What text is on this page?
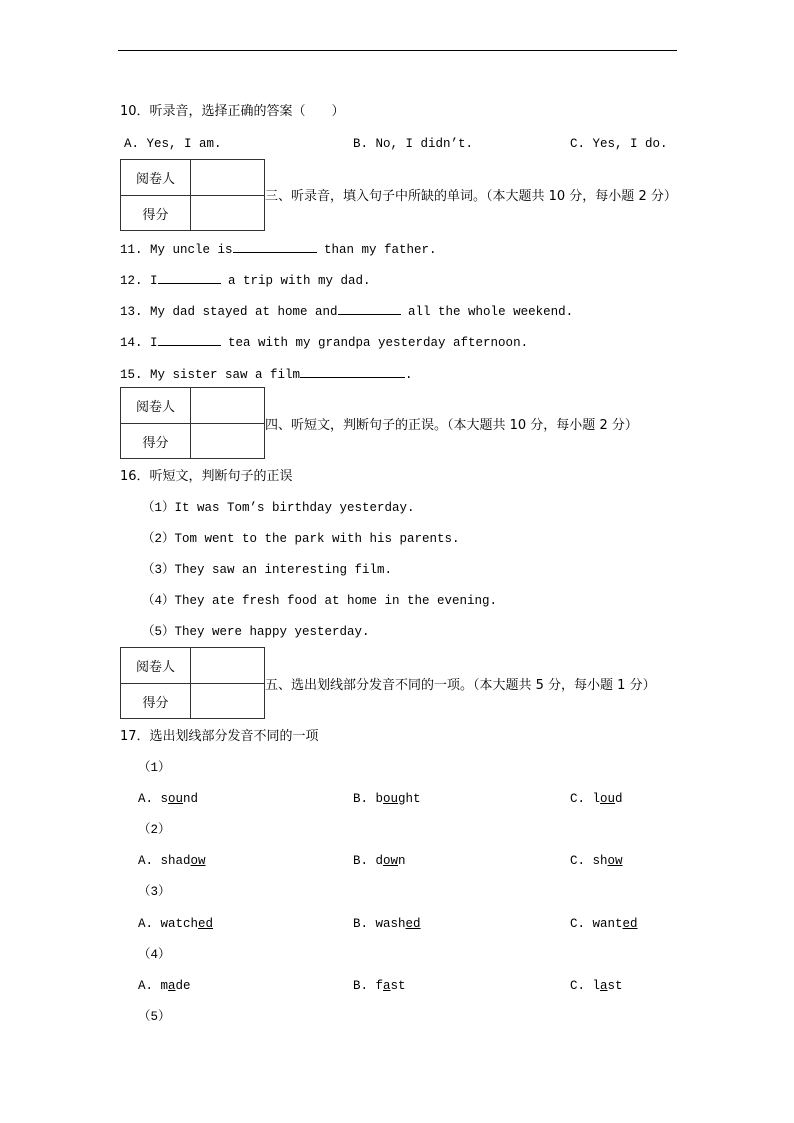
10．听录音，选择正确的答案（　　）
A. Yes, I am.	B. No, I didn’t.	C. Yes, I do.
阅卷人
得分
三、听录音，填入句子中所缺的单词。（本大题共 10 分，每小题 2 分）
11. My uncle is	than my father.
12. I	a trip with my dad.
13. My dad stayed at home and	all the whole weekend.
14. I	tea with my grandpa yesterday afternoon.
15. My sister saw a film	.
阅卷人
得分
四、听短文，判断句子的正误。（本大题共 10 分，每小题 2 分）
16．听短文，判断句子的正误
（1）It was Tom’s birthday yesterday.
（2）Tom went to the park with his parents.
（3）They saw an interesting film.
（4）They ate fresh food at home in the evening.
（5）They were happy yesterday.
阅卷人
得分
五、选出划线部分发音不同的一项。（本大题共 5 分，每小题 1 分）
17．选出划线部分发音不同的一项
（1）
A. sound	B. bought	C. loud
（2）
A. shadow	B. down	C. show
（3）
A. watched	B. washed	C. wanted
（4）
A. made	B. fast	C. last
（5）
